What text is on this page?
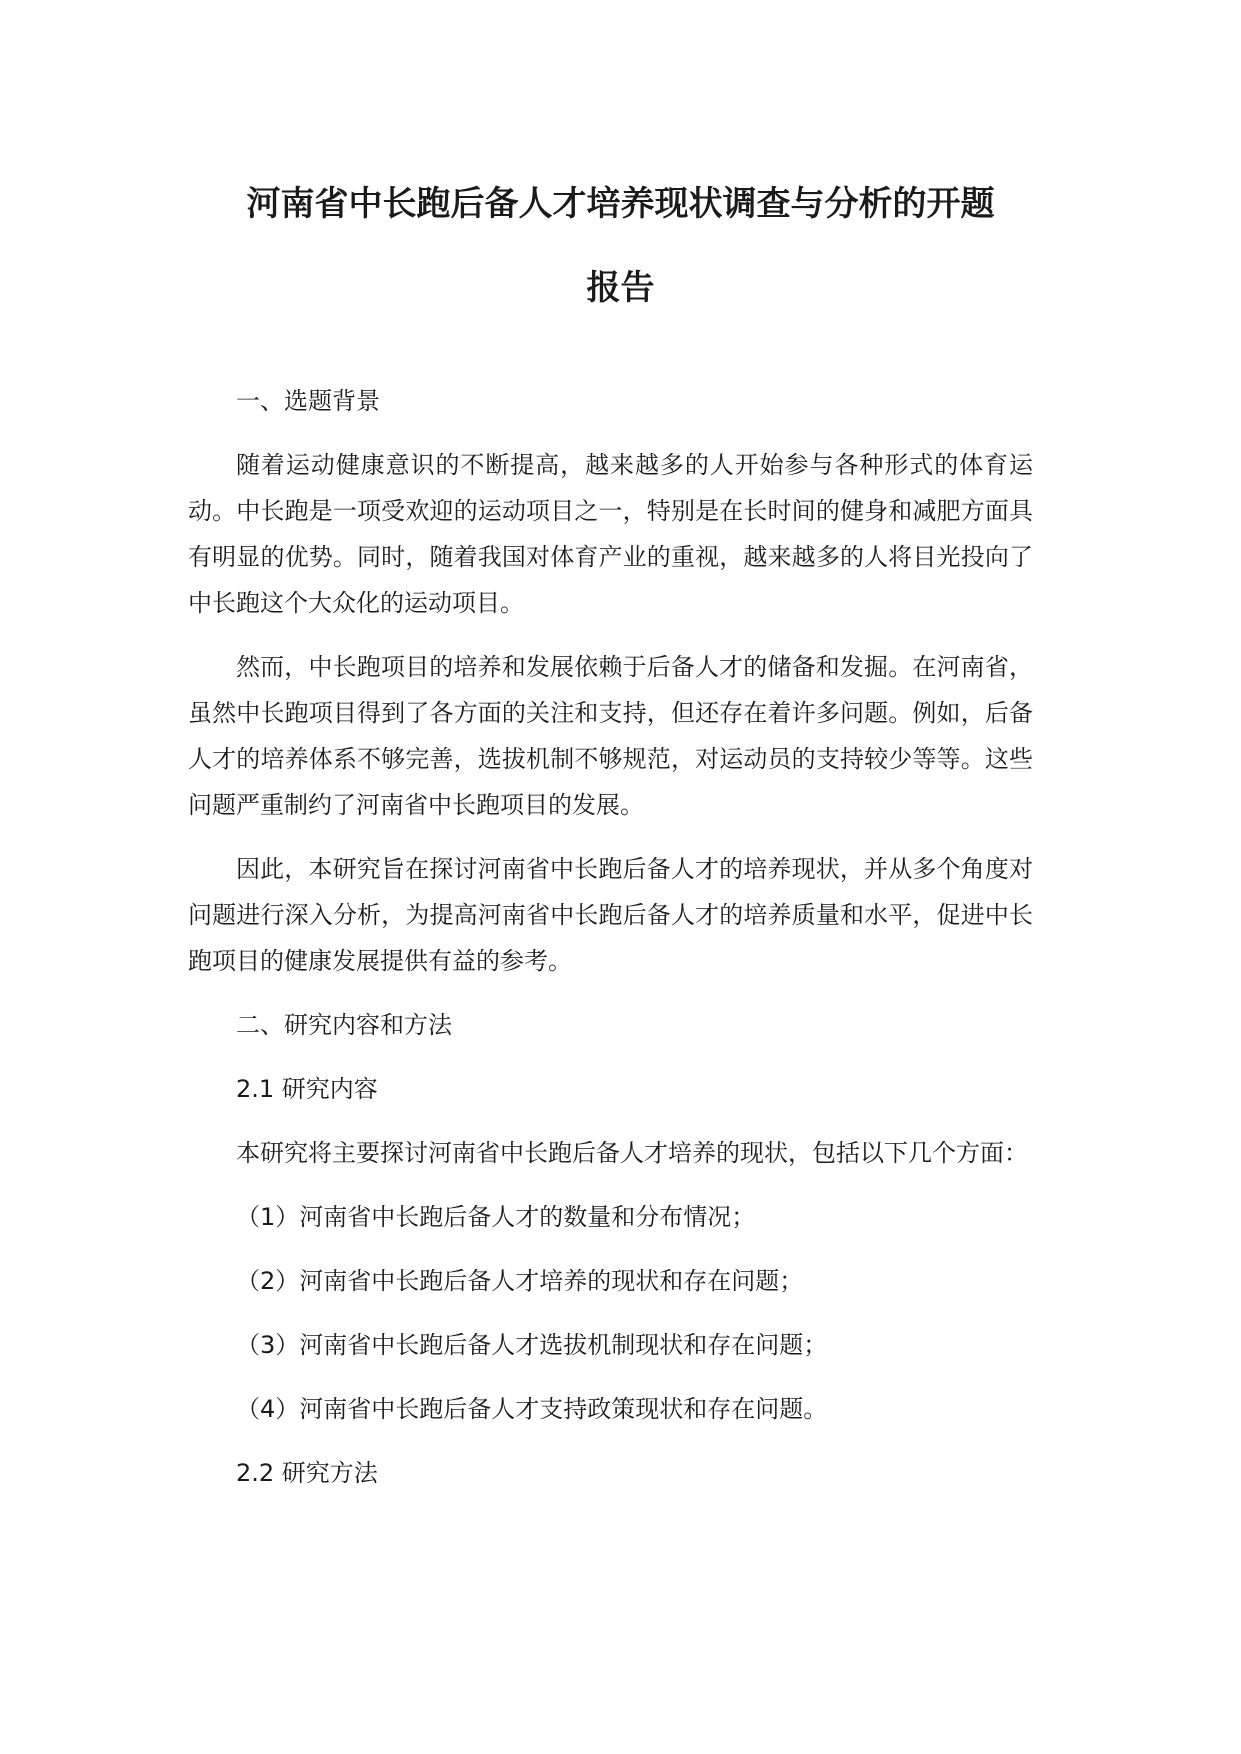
河南省中长跑后备人才培养现状调查与分析的开题
报告

一、选题背景

随着运动健康意识的不断提高，越来越多的人开始参与各种形式的体育运动。中长跑是一项受欢迎的运动项目之一，特别是在长时间的健身和减肥方面具有明显的优势。同时，随着我国对体育产业的重视，越来越多的人将目光投向了中长跑这个大众化的运动项目。

然而，中长跑项目的培养和发展依赖于后备人才的储备和发掘。在河南省，虽然中长跑项目得到了各方面的关注和支持，但还存在着许多问题。例如，后备人才的培养体系不够完善，选拔机制不够规范，对运动员的支持较少等等。这些问题严重制约了河南省中长跑项目的发展。

因此，本研究旨在探讨河南省中长跑后备人才的培养现状，并从多个角度对问题进行深入分析，为提高河南省中长跑后备人才的培养质量和水平，促进中长跑项目的健康发展提供有益的参考。

二、研究内容和方法

2.1 研究内容

本研究将主要探讨河南省中长跑后备人才培养的现状，包括以下几个方面：

（1）河南省中长跑后备人才的数量和分布情况；

（2）河南省中长跑后备人才培养的现状和存在问题；

（3）河南省中长跑后备人才选拔机制现状和存在问题；

（4）河南省中长跑后备人才支持政策现状和存在问题。

2.2 研究方法
